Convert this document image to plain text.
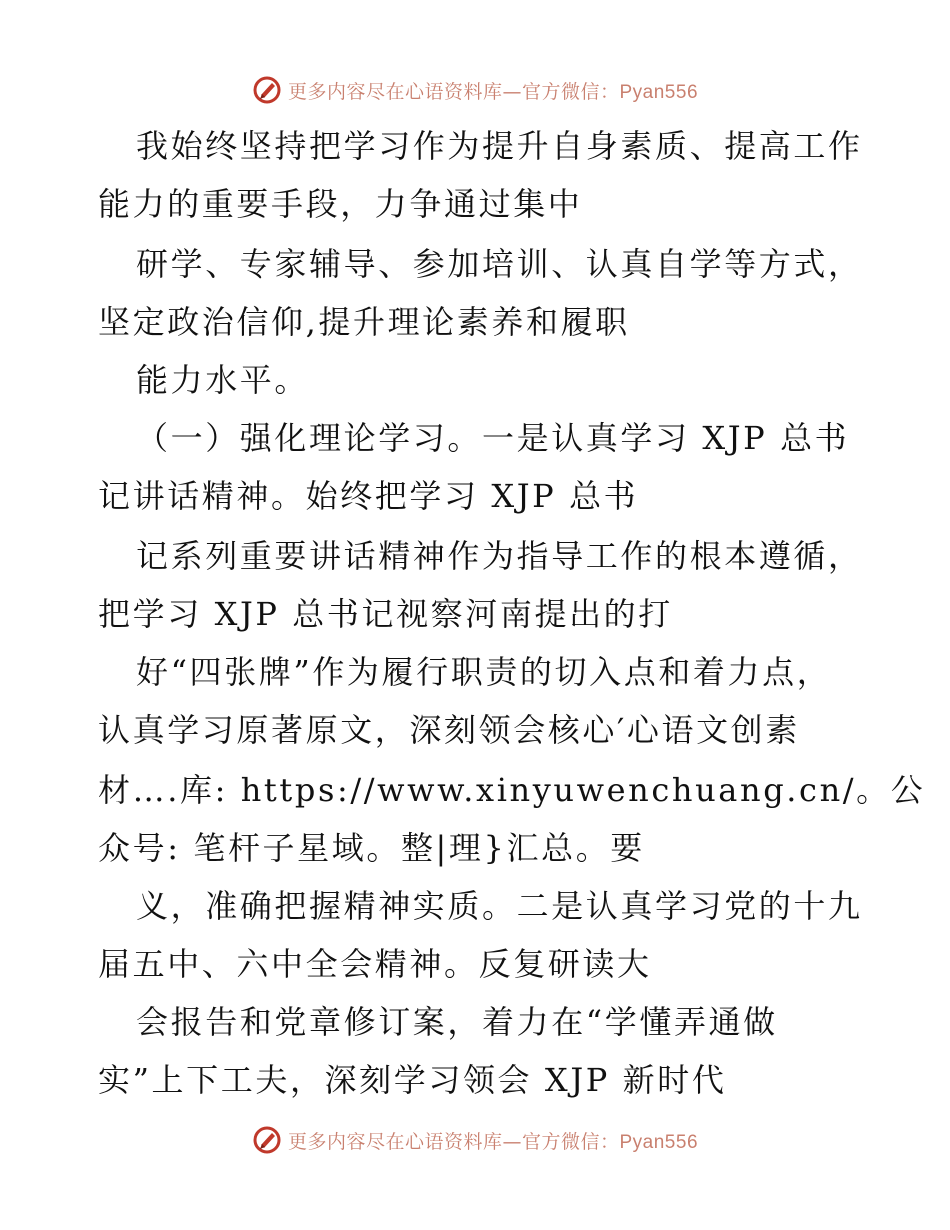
更多内容尽在心语资料库—官方微信：Pyan556
我始终坚持把学习作为提升自身素质、提高工作
能力的重要手段，力争通过集中
研学、专家辅导、参加培训、认真自学等方式，
坚定政治信仰,提升理论素养和履职
能力水平。
（一）强化理论学习。一是认真学习 XJP 总书
记讲话精神。始终把学习 XJP 总书
记系列重要讲话精神作为指导工作的根本遵循，
把学习 XJP 总书记视察河南提出的打
好“四张牌”作为履行职责的切入点和着力点，
认真学习原著原文，深刻领会核心′心语文创素
材….库: https://www.xinyuwenchuang.cn/。公
众号: 笔杆子星域。整|理}汇总。要
义，准确把握精神实质。二是认真学习党的十九
届五中、六中全会精神。反复研读大
会报告和党章修订案，着力在“学懂弄通做
实”上下工夫，深刻学习领会 XJP 新时代
更多内容尽在心语资料库—官方微信：Pyan556
